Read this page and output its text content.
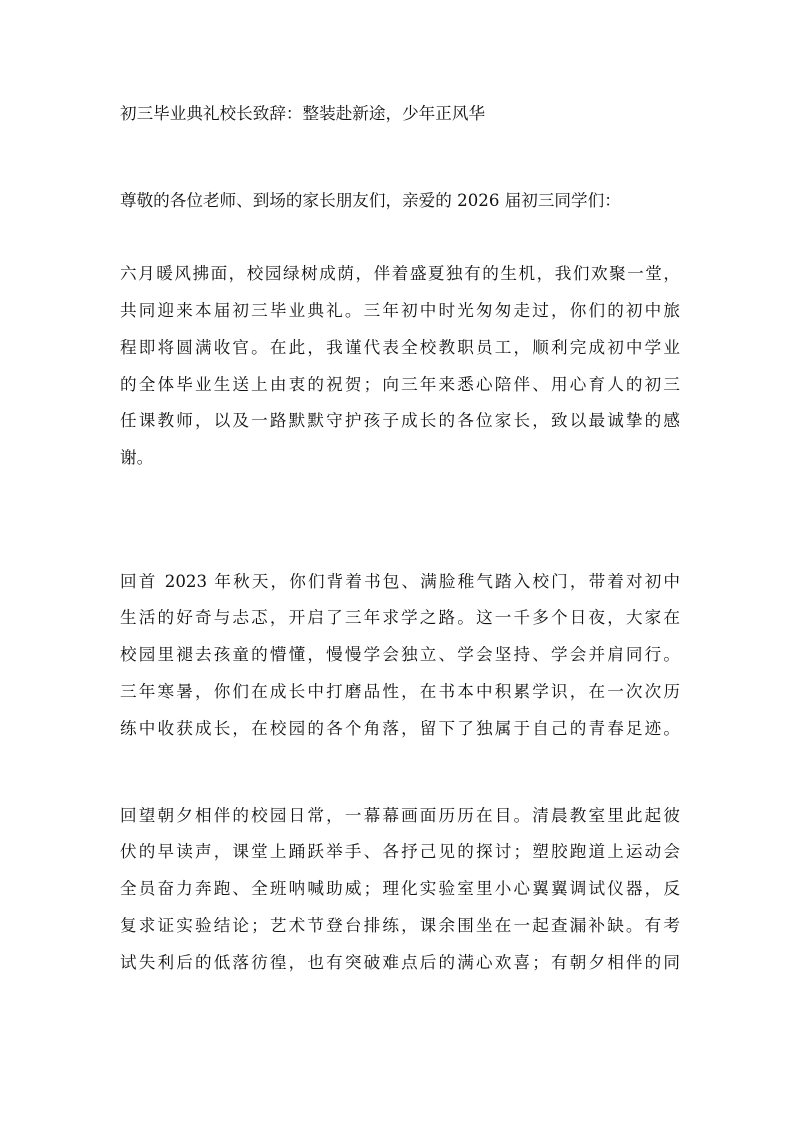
初三毕业典礼校长致辞：整装赴新途，少年正风华
尊敬的各位老师、到场的家长朋友们，亲爱的 2026 届初三同学们：
六月暖风拂面，校园绿树成荫，伴着盛夏独有的生机，我们欢聚一堂，
共同迎来本届初三毕业典礼。三年初中时光匆匆走过，你们的初中旅
程即将圆满收官。在此，我谨代表全校教职员工，顺利完成初中学业
的全体毕业生送上由衷的祝贺；向三年来悉心陪伴、用心育人的初三
任课教师，以及一路默默守护孩子成长的各位家长，致以最诚挚的感
谢。
回首 2023 年秋天，你们背着书包、满脸稚气踏入校门，带着对初中
生活的好奇与忐忑，开启了三年求学之路。这一千多个日夜，大家在
校园里褪去孩童的懵懂，慢慢学会独立、学会坚持、学会并肩同行。
三年寒暑，你们在成长中打磨品性，在书本中积累学识，在一次次历
练中收获成长，在校园的各个角落，留下了独属于自己的青春足迹。
回望朝夕相伴的校园日常，一幕幕画面历历在目。清晨教室里此起彼
伏的早读声，课堂上踊跃举手、各抒己见的探讨；塑胶跑道上运动会
全员奋力奔跑、全班呐喊助威；理化实验室里小心翼翼调试仪器，反
复求证实验结论；艺术节登台排练，课余围坐在一起查漏补缺。有考
试失利后的低落彷徨，也有突破难点后的满心欢喜；有朝夕相伴的同
